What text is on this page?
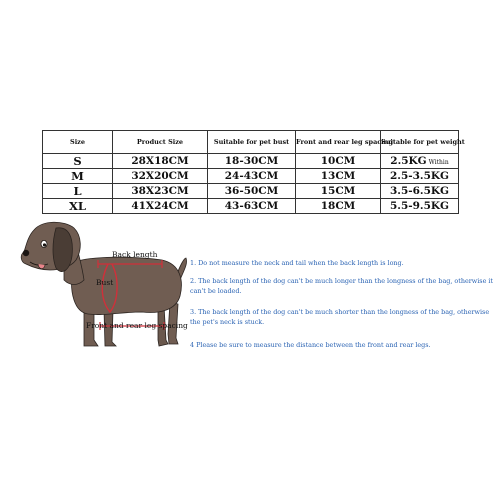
Size	Product Size	Suitable for pet bust	Front and rear leg spacing	Suitable for pet weight
S	28X18CM	18-30CM	10CM	2.5KG Within
M	32X20CM	24-43CM	13CM	2.5-3.5KG
L	38X23CM	36-50CM	15CM	3.5-6.5KG
XL	41X24CM	43-63CM	18CM	5.5-9.5KG
Back length
Bust
Front and rear leg spacing
1. Do not measure the neck and tail when the back length is long.
2. The back length of the dog can't be much longer than the longness of the bag, otherwise it can't be loaded.
3. The back length of the dog can't be much shorter than the longness of the bag, otherwise the pet's neck is stuck.
4 Please be sure to measure the distance between the front and rear legs.
